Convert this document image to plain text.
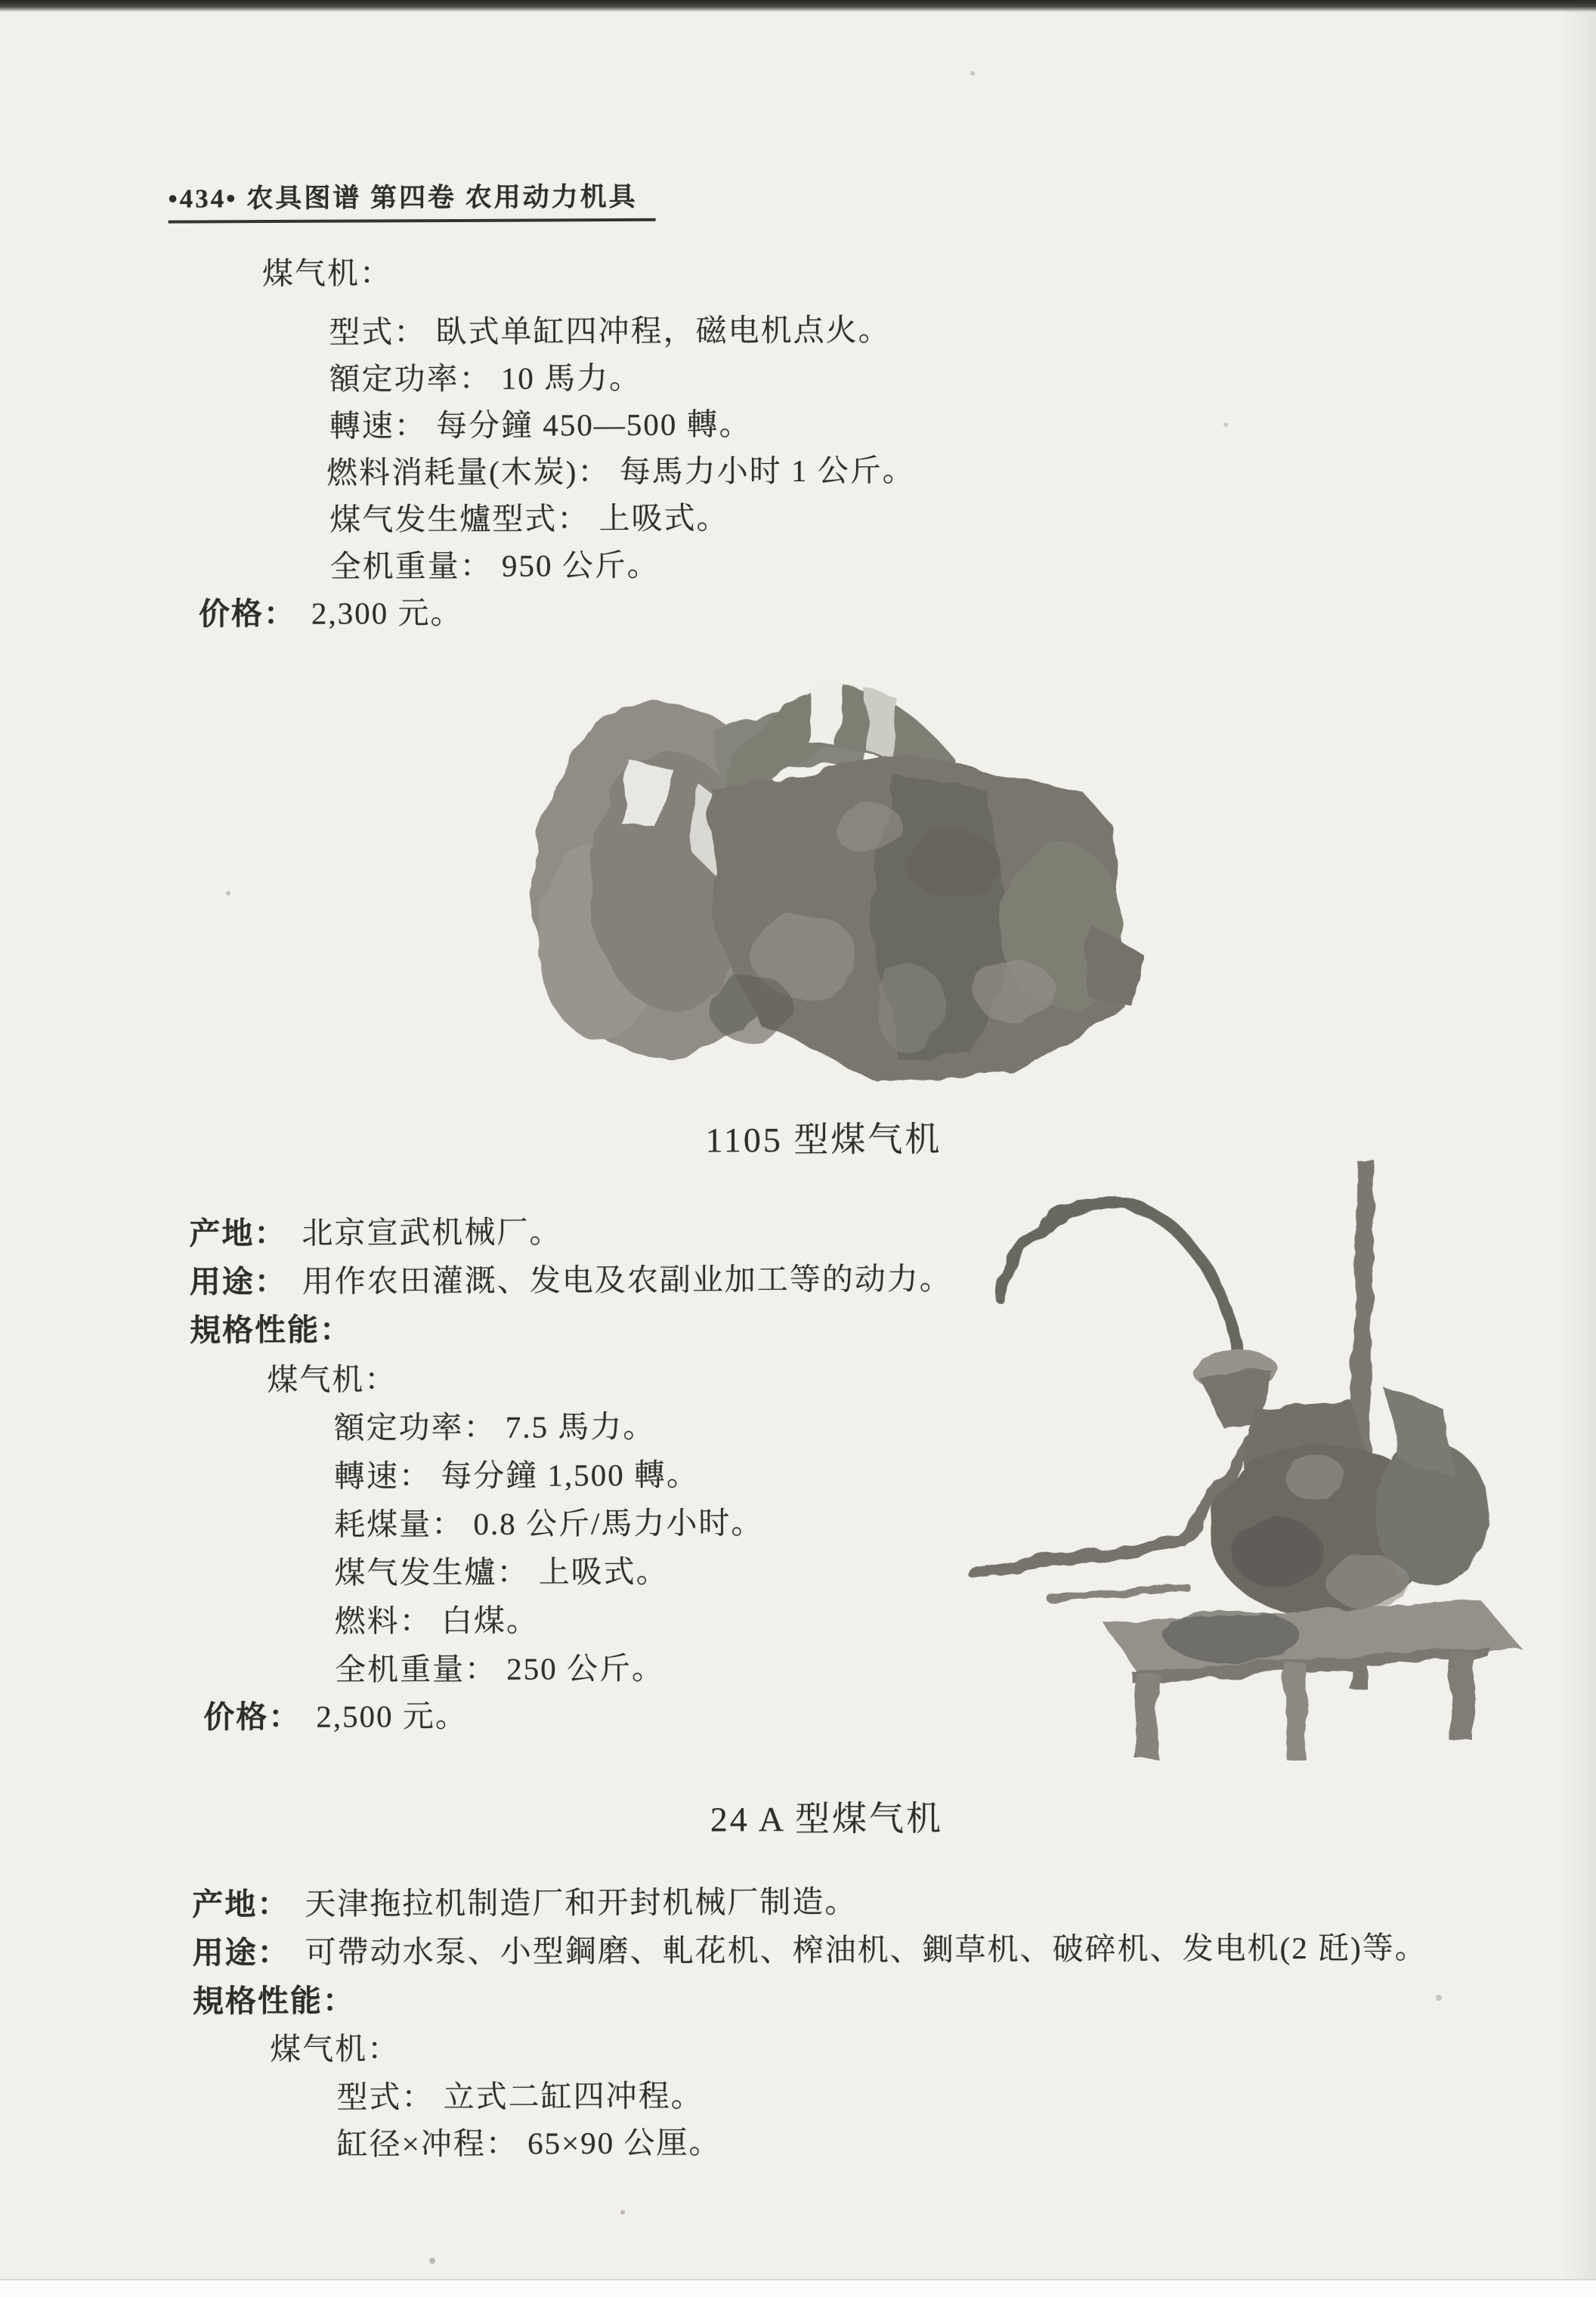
•434• 农具图谱 第四卷 农用动力机具
煤气机：
型式： 臥式单缸四冲程，磁电机点火。
額定功率： 10 馬力。
轉速： 每分鐘 450—500 轉。
燃料消耗量(木炭)： 每馬力小时 1 公斤。
煤气发生爐型式： 上吸式。
全机重量： 950 公斤。
价格： 2,300 元。
1105 型煤气机
产地： 北京宣武机械厂。
用途： 用作农田灌溉、发电及农副业加工等的动力。
規格性能：
煤气机：
額定功率： 7.5 馬力。
轉速： 每分鐘 1,500 轉。
耗煤量： 0.8 公斤/馬力小时。
煤气发生爐： 上吸式。
燃料： 白煤。
全机重量： 250 公斤。
价格： 2,500 元。
24 A 型煤气机
产地： 天津拖拉机制造厂和开封机械厂制造。
用途： 可帶动水泵、小型鋼磨、軋花机、榨油机、鍘草机、破碎机、发电机(2 瓩)等。
規格性能：
煤气机：
型式： 立式二缸四冲程。
缸径×冲程： 65×90 公厘。
